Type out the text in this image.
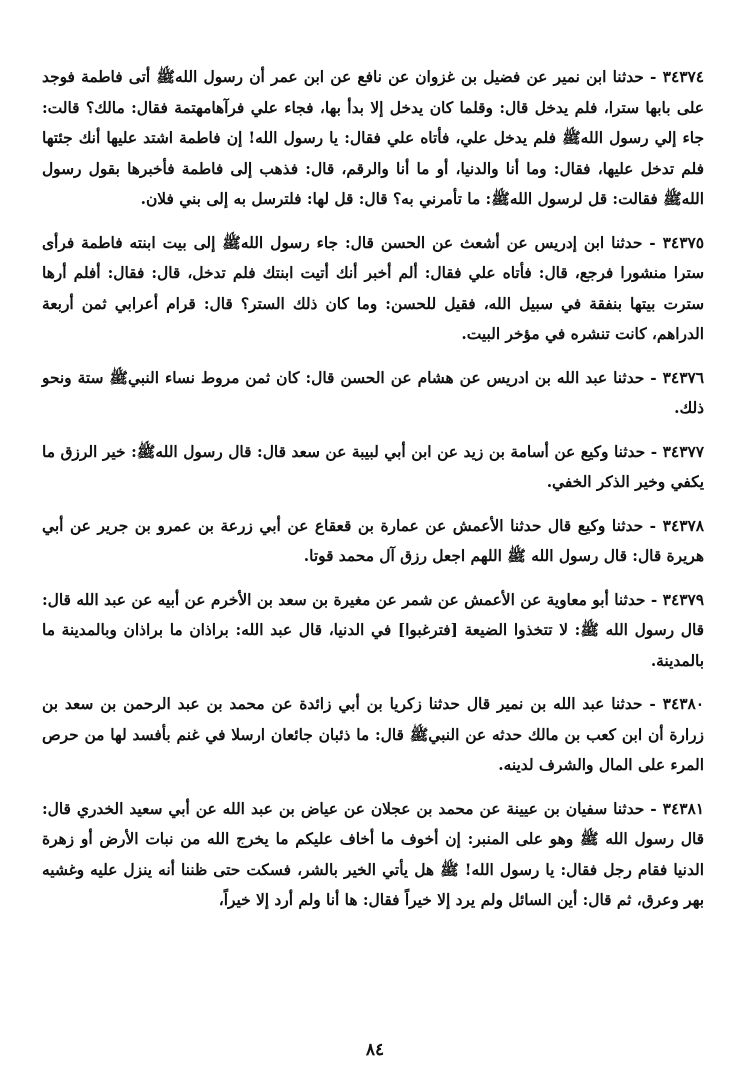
٣٤٣٧٤ - حدثنا ابن نمير عن فضيل بن غزوان عن نافع عن ابن عمر أن رسول اللهﷺ أتى فاطمة فوجد على بابها سترا، فلم يدخل قال: وقلما كان يدخل إلا بدأ بها، فجاء علي فرآهامهتمة فقال: مالك؟ قالت: جاء إلي رسول اللهﷺ فلم يدخل علي، فأتاه علي فقال: يا رسول الله! إن فاطمة اشتد عليها أنك جئتها فلم تدخل عليها، فقال: وما أنا والدنيا، أو ما أنا والرقم، قال: فذهب إلى فاطمة فأخبرها بقول رسول اللهﷺ فقالت: قل لرسول اللهﷺ: ما تأمرني به؟ قال: قل لها: فلترسل به إلى بني فلان.

٣٤٣٧٥ - حدثنا ابن إدريس عن أشعث عن الحسن قال: جاء رسول اللهﷺ إلى بيت ابنته فاطمة فرأى سترا منشورا فرجع، قال: فأتاه علي فقال: ألم أخبر أنك أتيت ابنتك فلم تدخل، قال: فقال: أفلم أرها سترت بيتها بنفقة في سبيل الله، فقيل للحسن: وما كان ذلك الستر؟ قال: قرام أعرابي ثمن أربعة الدراهم، كانت تنشره في مؤخر البيت.

٣٤٣٧٦ - حدثنا عبد الله بن ادريس عن هشام عن الحسن قال: كان ثمن مروط نساء النبيﷺ ستة ونحو ذلك.

٣٤٣٧٧ - حدثنا وكيع عن أسامة بن زيد عن ابن أبي لبيبة عن سعد قال: قال رسول اللهﷺ: خير الرزق ما يكفي وخير الذكر الخفي.

٣٤٣٧٨ - حدثنا وكيع قال حدثنا الأعمش عن عمارة بن قعقاع عن أبي زرعة بن عمرو بن جرير عن أبي هريرة قال: قال رسول الله ﷺ اللهم اجعل رزق آل محمد قوتا.

٣٤٣٧٩ - حدثنا أبو معاوية عن الأعمش عن شمر عن مغيرة بن سعد بن الأخرم عن أبيه عن عبد الله قال: قال رسول الله ﷺ: لا تتخذوا الضيعة [فترغبوا] في الدنيا، قال عبد الله: براذان ما براذان وبالمدينة ما بالمدينة.

٣٤٣٨٠ - حدثنا عبد الله بن نمير قال حدثنا زكريا بن أبي زائدة عن محمد بن عبد الرحمن بن سعد بن زرارة أن ابن كعب بن مالك حدثه عن النبيﷺ قال: ما ذئبان جائعان ارسلا في غنم بأفسد لها من حرص المرء على المال والشرف لدينه.

٣٤٣٨١ - حدثنا سفيان بن عيينة عن محمد بن عجلان عن عياض بن عبد الله عن أبي سعيد الخدري قال: قال رسول الله ﷺ وهو على المنبر: إن أخوف ما أخاف عليكم ما يخرج الله من نبات الأرض أو زهرة الدنيا فقام رجل فقال: يا رسول الله! ﷺ هل يأتي الخير بالشر، فسكت حتى ظننا أنه ينزل عليه وغشيه بهر وعرق، ثم قال: أين السائل ولم يرد إلا خيراً فقال: ها أنا ولم أرد إلا خيراً،

٨٤
